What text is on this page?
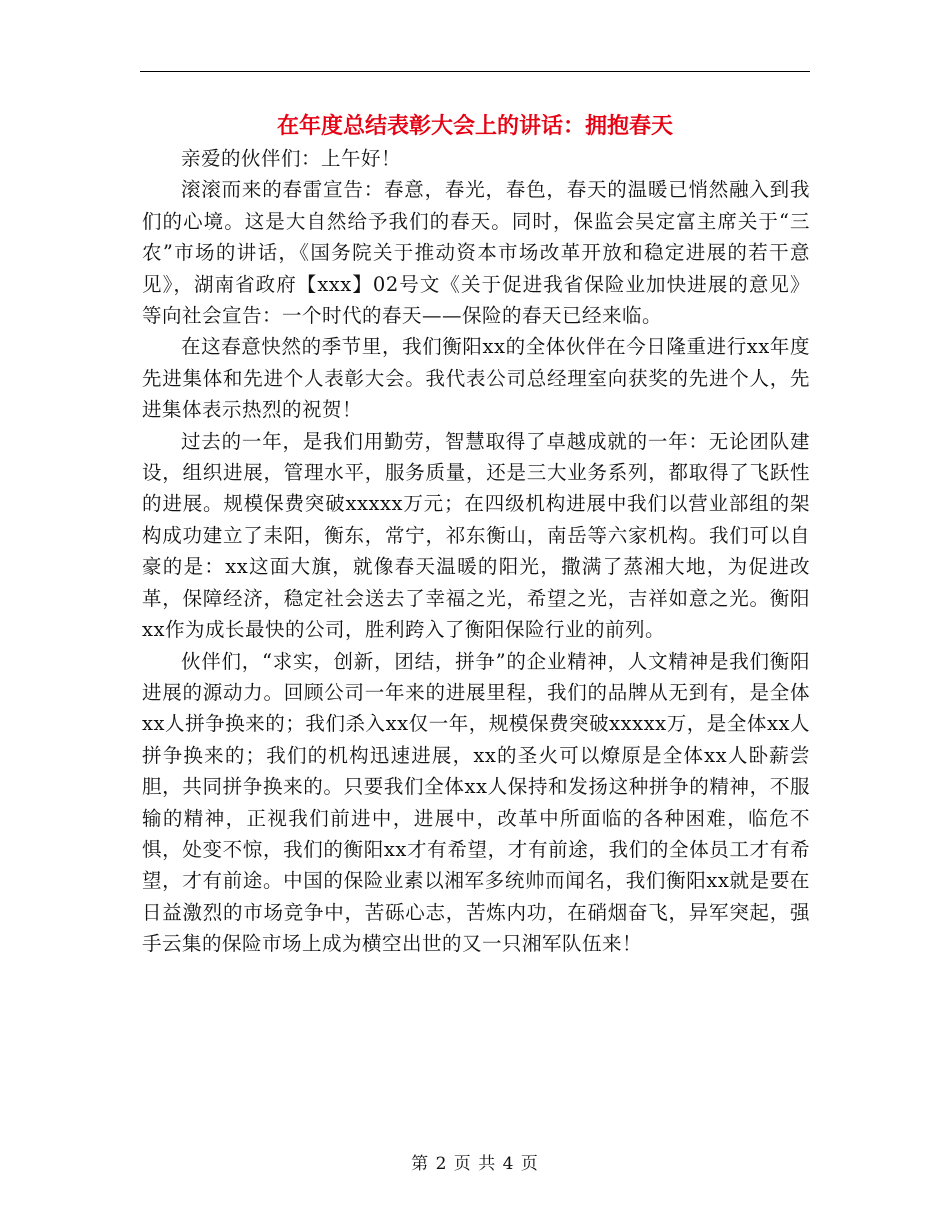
在年度总结表彰大会上的讲话：拥抱春天

亲爱的伙伴们：上午好！

滚滚而来的春雷宣告：春意，春光，春色，春天的温暖已悄然融入到我们的心境。这是大自然给予我们的春天。同时，保监会吴定富主席关于“三农”市场的讲话，《国务院关于推动资本市场改革开放和稳定进展的若干意见》，湖南省政府【xxx】02号文《关于促进我省保险业加快进展的意见》等向社会宣告：一个时代的春天——保险的春天已经来临。

在这春意快然的季节里，我们衡阳xx的全体伙伴在今日隆重进行xx年度先进集体和先进个人表彰大会。我代表公司总经理室向获奖的先进个人，先进集体表示热烈的祝贺！

过去的一年，是我们用勤劳，智慧取得了卓越成就的一年：无论团队建设，组织进展，管理水平，服务质量，还是三大业务系列，都取得了飞跃性的进展。规模保费突破xxxxx万元；在四级机构进展中我们以营业部组的架构成功建立了耒阳，衡东，常宁，祁东衡山，南岳等六家机构。我们可以自豪的是：xx这面大旗，就像春天温暖的阳光，撒满了蒸湘大地，为促进改革，保障经济，稳定社会送去了幸福之光，希望之光，吉祥如意之光。衡阳xx作为成长最快的公司，胜利跨入了衡阳保险行业的前列。

伙伴们，“求实，创新，团结，拼争”的企业精神，人文精神是我们衡阳进展的源动力。回顾公司一年来的进展里程，我们的品牌从无到有，是全体xx人拼争换来的；我们杀入xx仅一年，规模保费突破xxxxx万，是全体xx人拼争换来的；我们的机构迅速进展，xx的圣火可以燎原是全体xx人卧薪尝胆，共同拼争换来的。只要我们全体xx人保持和发扬这种拼争的精神，不服输的精神，正视我们前进中，进展中，改革中所面临的各种困难，临危不惧，处变不惊，我们的衡阳xx才有希望，才有前途，我们的全体员工才有希望，才有前途。中国的保险业素以湘军多统帅而闻名，我们衡阳xx就是要在日益激烈的市场竞争中，苦砾心志，苦炼内功，在硝烟奋飞，异军突起，强手云集的保险市场上成为横空出世的又一只湘军队伍来！

第 2 页 共 4 页
